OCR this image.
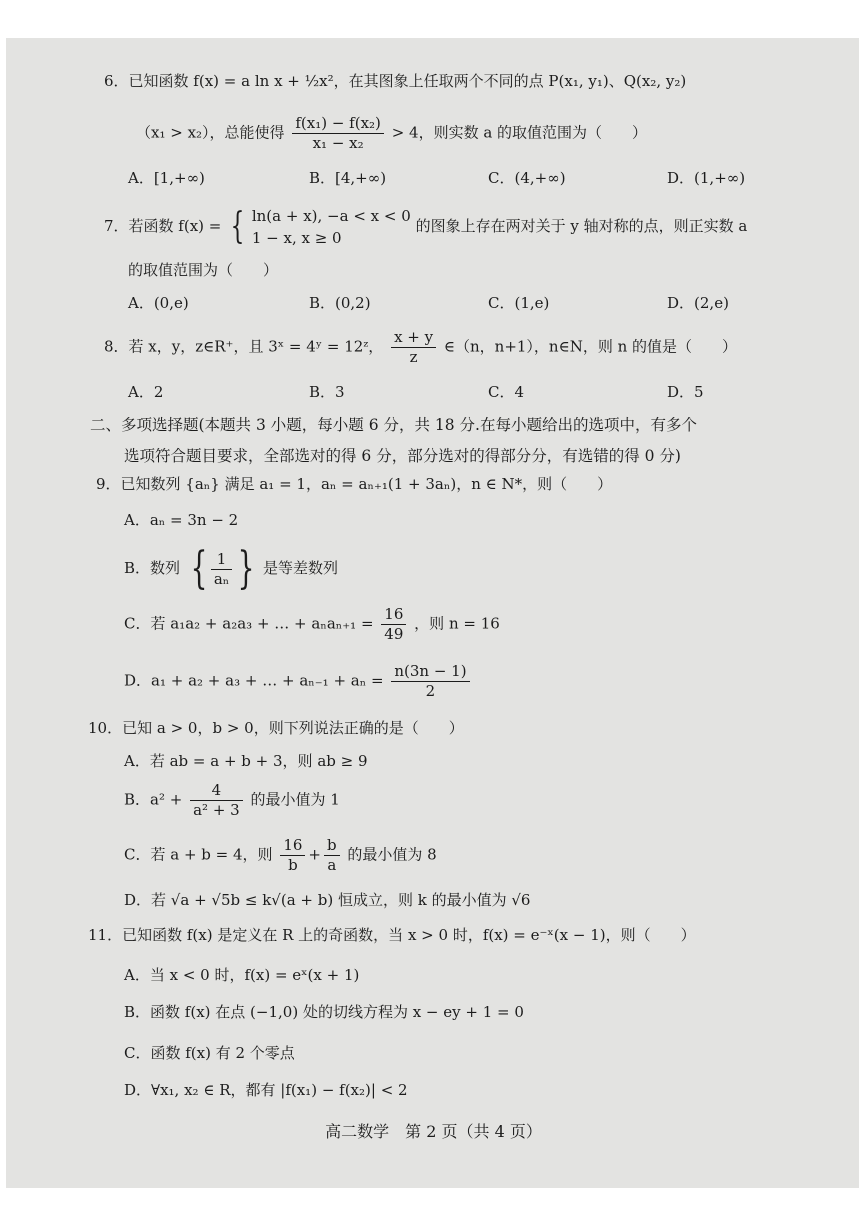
6．已知函数 f(x) = a ln x + ½x²，在其图象上任取两个不同的点 P(x₁, y₁)、Q(x₂, y₂)
（x₁ > x₂），总能使得 $\frac{\text{f(x₁) − f(x₂)}}{\text{x₁ − x₂}} > 4$，则实数 a 的取值范围为（　　）
A．[1,+∞)	B．[4,+∞)	C．(4,+∞)	D．(1,+∞)
7．若函数 f(x) = { ln(a + x), −a < x < 0
1 − x, x ≥ 0
的图象上存在两对关于 y 轴对称的点，则正实数 a
的取值范围为（　　）
A．(0,e)	B．(0,2)	C．(1,e)	D．(2,e)
8．若 x，y，z∈R⁺，且 3ˣ = 4ʸ = 12ᶻ， $\frac{x + y}{z}$ ∈（n，n+1），n∈N，则 n 的值是（　　）
A．2	B．3	C．4	D．5
二、多项选择题(本题共 3 小题，每小题 6 分，共 18 分.在每小题给出的选项中，有多个
选项符合题目要求，全部选对的得 6 分，部分选对的得部分分，有选错的得 0 分)
9．已知数列 {aₙ} 满足 a₁ = 1，aₙ = aₙ₊₁(1 + 3aₙ)，n ∈ N*，则（　　）
A．aₙ = 3n − 2
B．数列 { $\frac{1}{\text{aₙ}}$ } 是等差数列
C．若 a₁a₂ + a₂a₃ + … + $a_na_{n+1} = \frac{16}{49}$ ，则 n = 16
D．a₁ + a₂ + a₃ + … + $a_{n-1} + a_n = \frac{n(3n - 1)}{2}$
10．已知 a > 0，b > 0，则下列说法正确的是（　　）
A．若 ab = a + b + 3，则 ab ≥ 9
B．$a^2 + \frac{4}{\text{a² + 3}}$ 的最小值为 1
C．若 a + b = 4，则 $\frac{16}{b} + \frac{b}{a}$ 的最小值为 8
D．若 √a + √5b ≤ k√(a + b) 恒成立，则 k 的最小值为 √6
11．已知函数 f(x) 是定义在 R 上的奇函数，当 x > 0 时，f(x) = e⁻ˣ(x − 1)，则（　　）
A．当 x < 0 时，f(x) = eˣ(x + 1)
B．函数 f(x) 在点 (−1,0) 处的切线方程为 x − ey + 1 = 0
C．函数 f(x) 有 2 个零点
D．∀x₁, x₂ ∈ R，都有 |f(x₁) − f(x₂)| < 2
高二数学　第 2 页（共 4 页）
